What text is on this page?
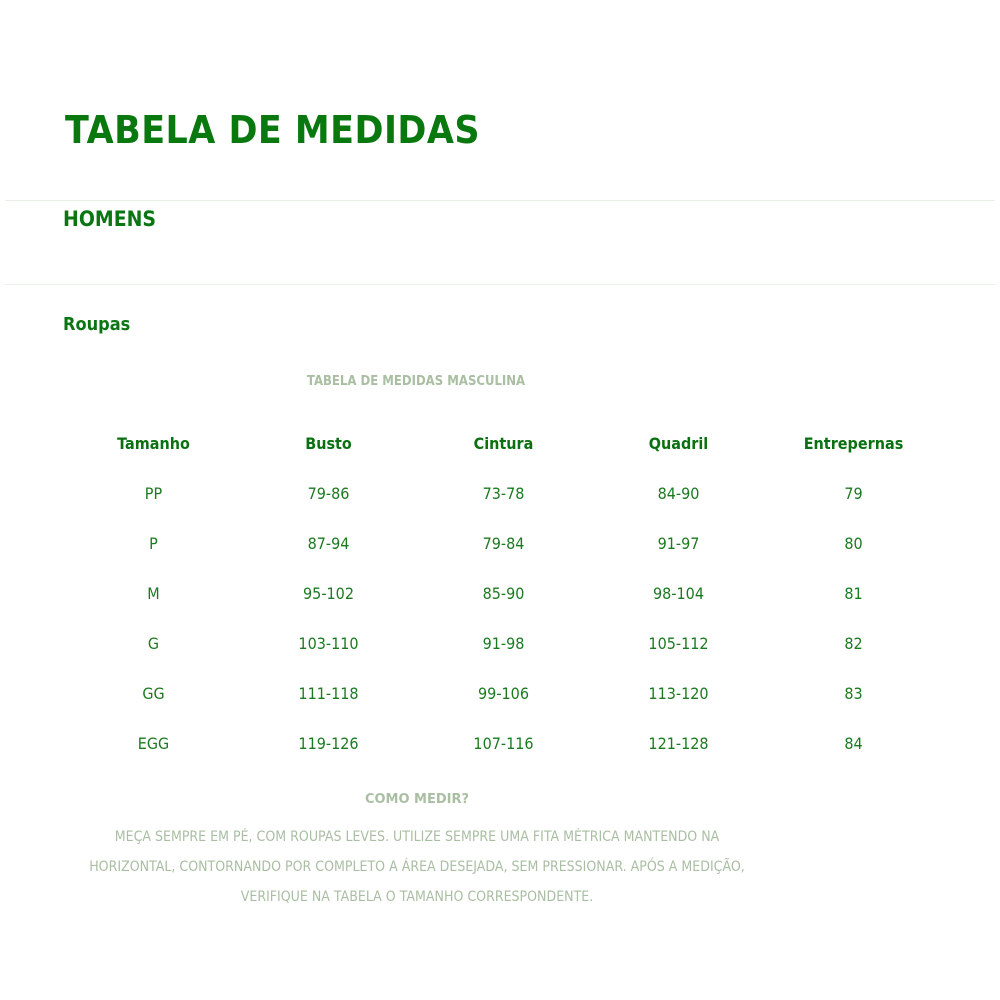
TABELA DE MEDIDAS
HOMENS
Roupas
TABELA DE MEDIDAS MASCULINA
Tamanho	Busto	Cintura	Quadril	Entrepernas
PP	79-86	73-78	84-90	79
P	87-94	79-84	91-97	80
M	95-102	85-90	98-104	81
G	103-110	91-98	105-112	82
GG	111-118	99-106	113-120	83
EGG	119-126	107-116	121-128	84
COMO MEDIR?
MEÇA SEMPRE EM PÉ, COM ROUPAS LEVES. UTILIZE SEMPRE UMA FITA MÉTRICA MANTENDO NA
HORIZONTAL, CONTORNANDO POR COMPLETO A ÁREA DESEJADA, SEM PRESSIONAR. APÓS A MEDIÇÃO,
VERIFIQUE NA TABELA O TAMANHO CORRESPONDENTE.
